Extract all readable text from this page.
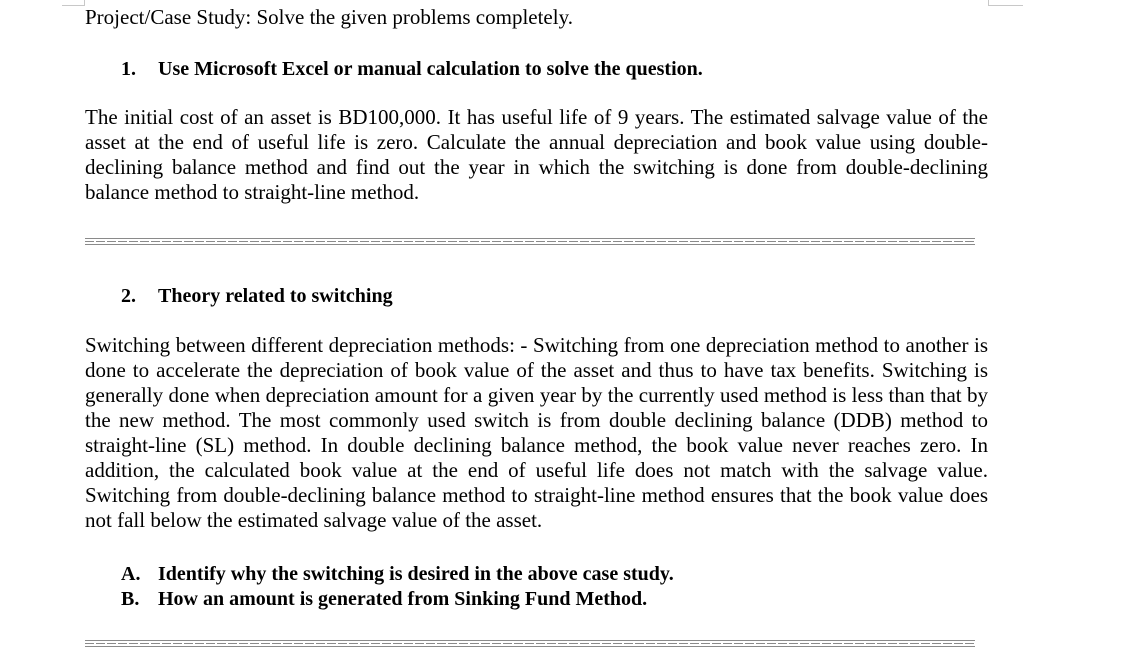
Project/Case Study: Solve the given problems completely.
1. Use Microsoft Excel or manual calculation to solve the question.
The initial cost of an asset is BD100,000. It has useful life of 9 years. The estimated salvage value of the asset at the end of useful life is zero. Calculate the annual depreciation and book value using double-declining balance method and find out the year in which the switching is done from double-declining balance method to straight-line method.
2. Theory related to switching
Switching between different depreciation methods: - Switching from one depreciation method to another is done to accelerate the depreciation of book value of the asset and thus to have tax benefits. Switching is generally done when depreciation amount for a given year by the currently used method is less than that by the new method. The most commonly used switch is from double declining balance (DDB) method to straight-line (SL) method. In double declining balance method, the book value never reaches zero. In addition, the calculated book value at the end of useful life does not match with the salvage value. Switching from double-declining balance method to straight-line method ensures that the book value does not fall below the estimated salvage value of the asset.
A. Identify why the switching is desired in the above case study.
B. How an amount is generated from Sinking Fund Method.
